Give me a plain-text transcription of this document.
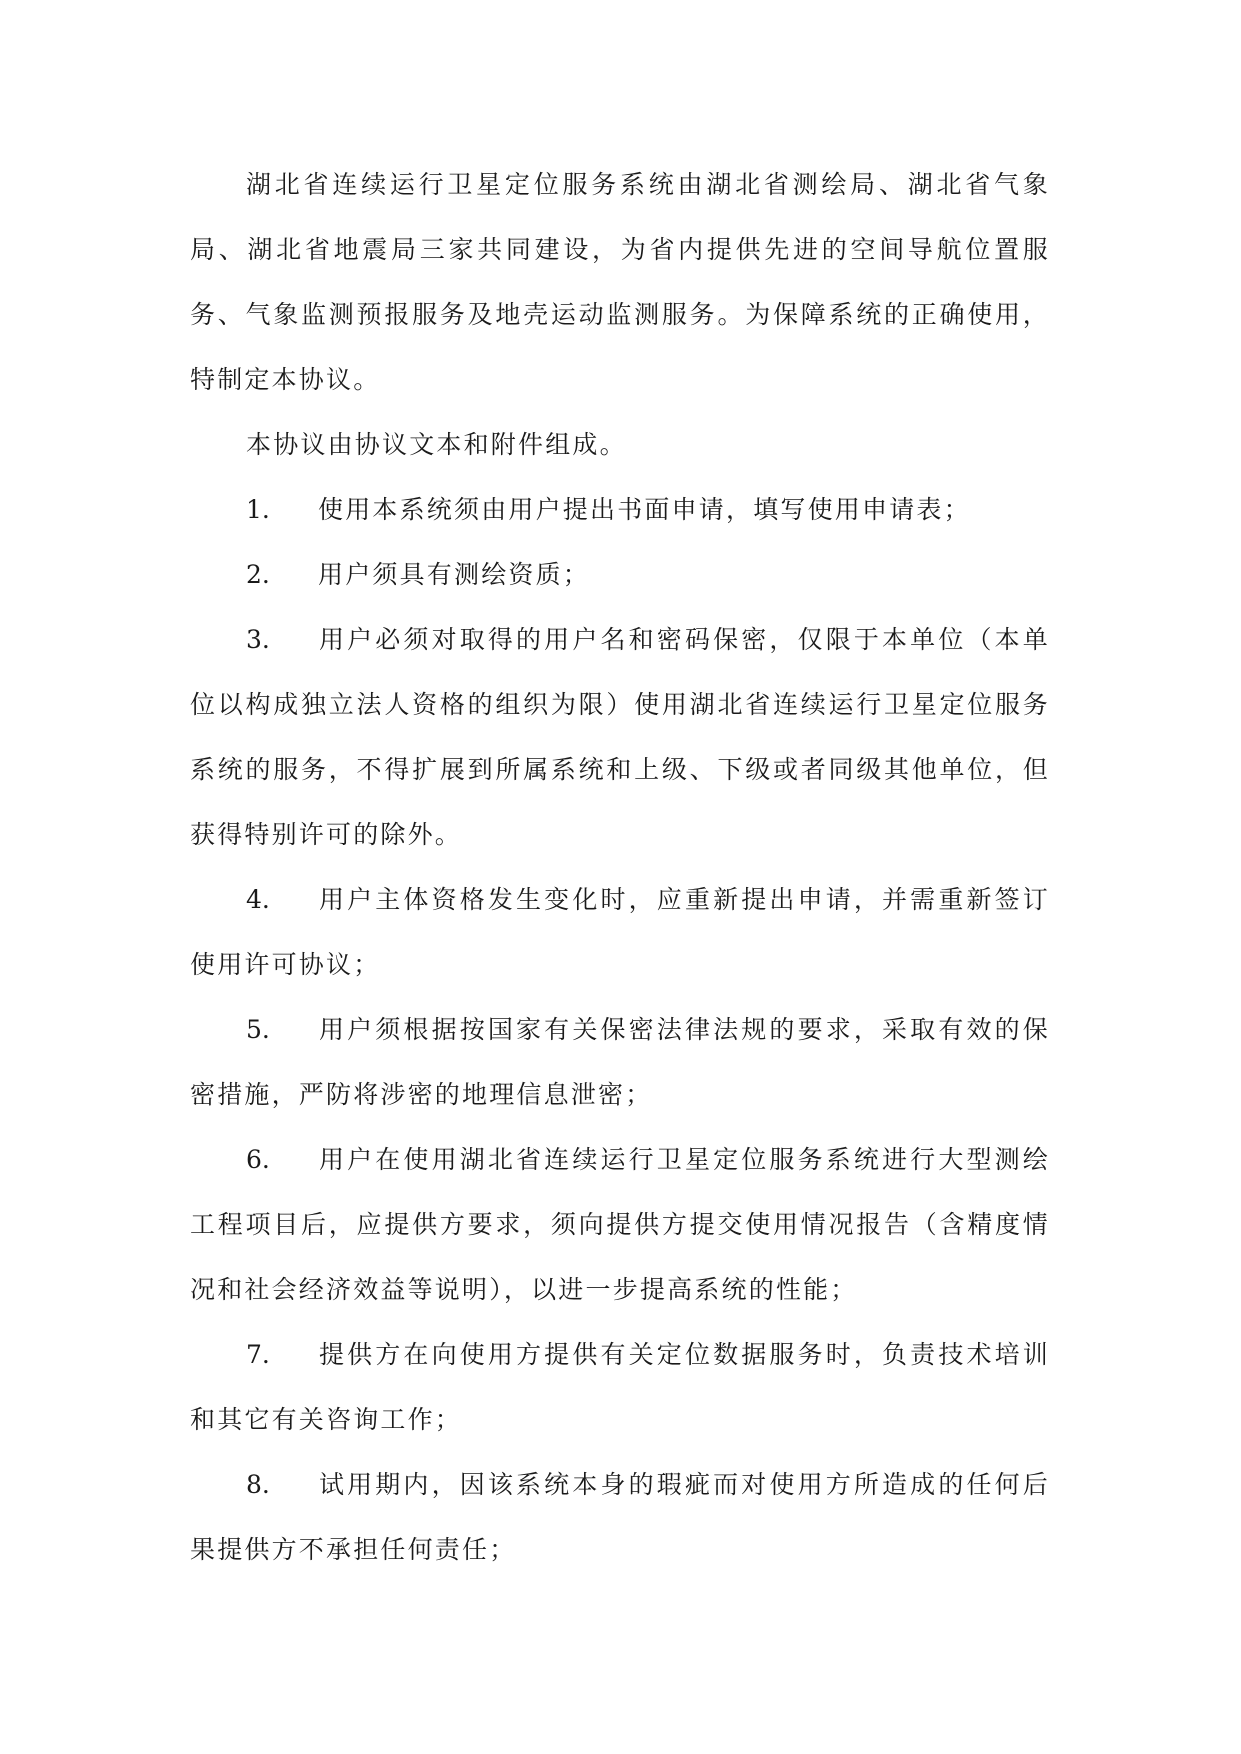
湖北省连续运行卫星定位服务系统由湖北省测绘局、湖北省气象局、湖北省地震局三家共同建设，为省内提供先进的空间导航位置服务、气象监测预报服务及地壳运动监测服务。为保障系统的正确使用，特制定本协议。

本协议由协议文本和附件组成。

1. 使用本系统须由用户提出书面申请，填写使用申请表；

2. 用户须具有测绘资质；

3. 用户必须对取得的用户名和密码保密，仅限于本单位（本单位以构成独立法人资格的组织为限）使用湖北省连续运行卫星定位服务系统的服务，不得扩展到所属系统和上级、下级或者同级其他单位，但获得特别许可的除外。

4. 用户主体资格发生变化时，应重新提出申请，并需重新签订使用许可协议；

5. 用户须根据按国家有关保密法律法规的要求，采取有效的保密措施，严防将涉密的地理信息泄密；

6. 用户在使用湖北省连续运行卫星定位服务系统进行大型测绘工程项目后，应提供方要求，须向提供方提交使用情况报告（含精度情况和社会经济效益等说明），以进一步提高系统的性能；

7. 提供方在向使用方提供有关定位数据服务时，负责技术培训和其它有关咨询工作；

8. 试用期内，因该系统本身的瑕疵而对使用方所造成的任何后果提供方不承担任何责任；
